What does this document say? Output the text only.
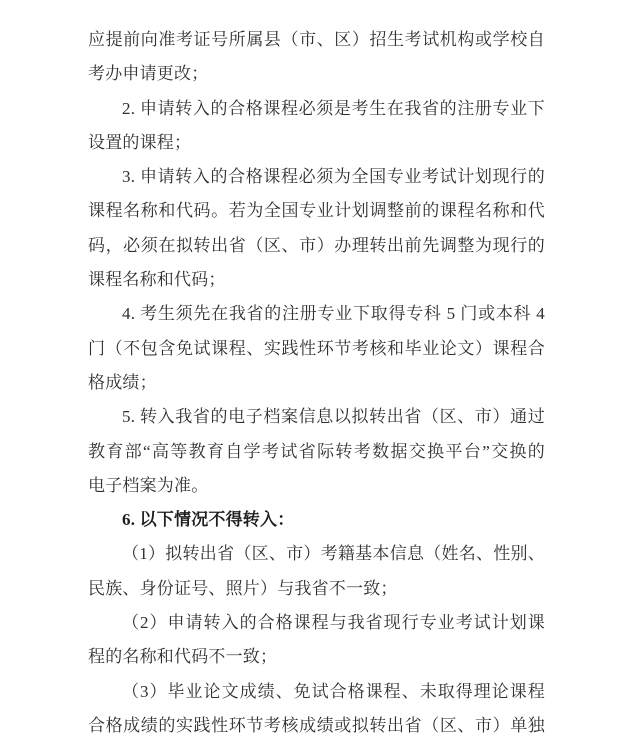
应提前向准考证号所属县（市、区）招生考试机构或学校自
考办申请更改；
2. 申请转入的合格课程必须是考生在我省的注册专业下
设置的课程；
3. 申请转入的合格课程必须为全国专业考试计划现行的
课程名称和代码。若为全国专业计划调整前的课程名称和代
码，必须在拟转出省（区、市）办理转出前先调整为现行的
课程名称和代码；
4. 考生须先在我省的注册专业下取得专科 5 门或本科 4
门（不包含免试课程、实践性环节考核和毕业论文）课程合
格成绩；
5. 转入我省的电子档案信息以拟转出省（区、市）通过
教育部“高等教育自学考试省际转考数据交换平台”交换的
电子档案为准。
6. 以下情况不得转入：
（1）拟转出省（区、市）考籍基本信息（姓名、性别、
民族、身份证号、照片）与我省不一致；
（2）申请转入的合格课程与我省现行专业考试计划课
程的名称和代码不一致；
（3）毕业论文成绩、免试合格课程、未取得理论课程
合格成绩的实践性环节考核成绩或拟转出省（区、市）单独
